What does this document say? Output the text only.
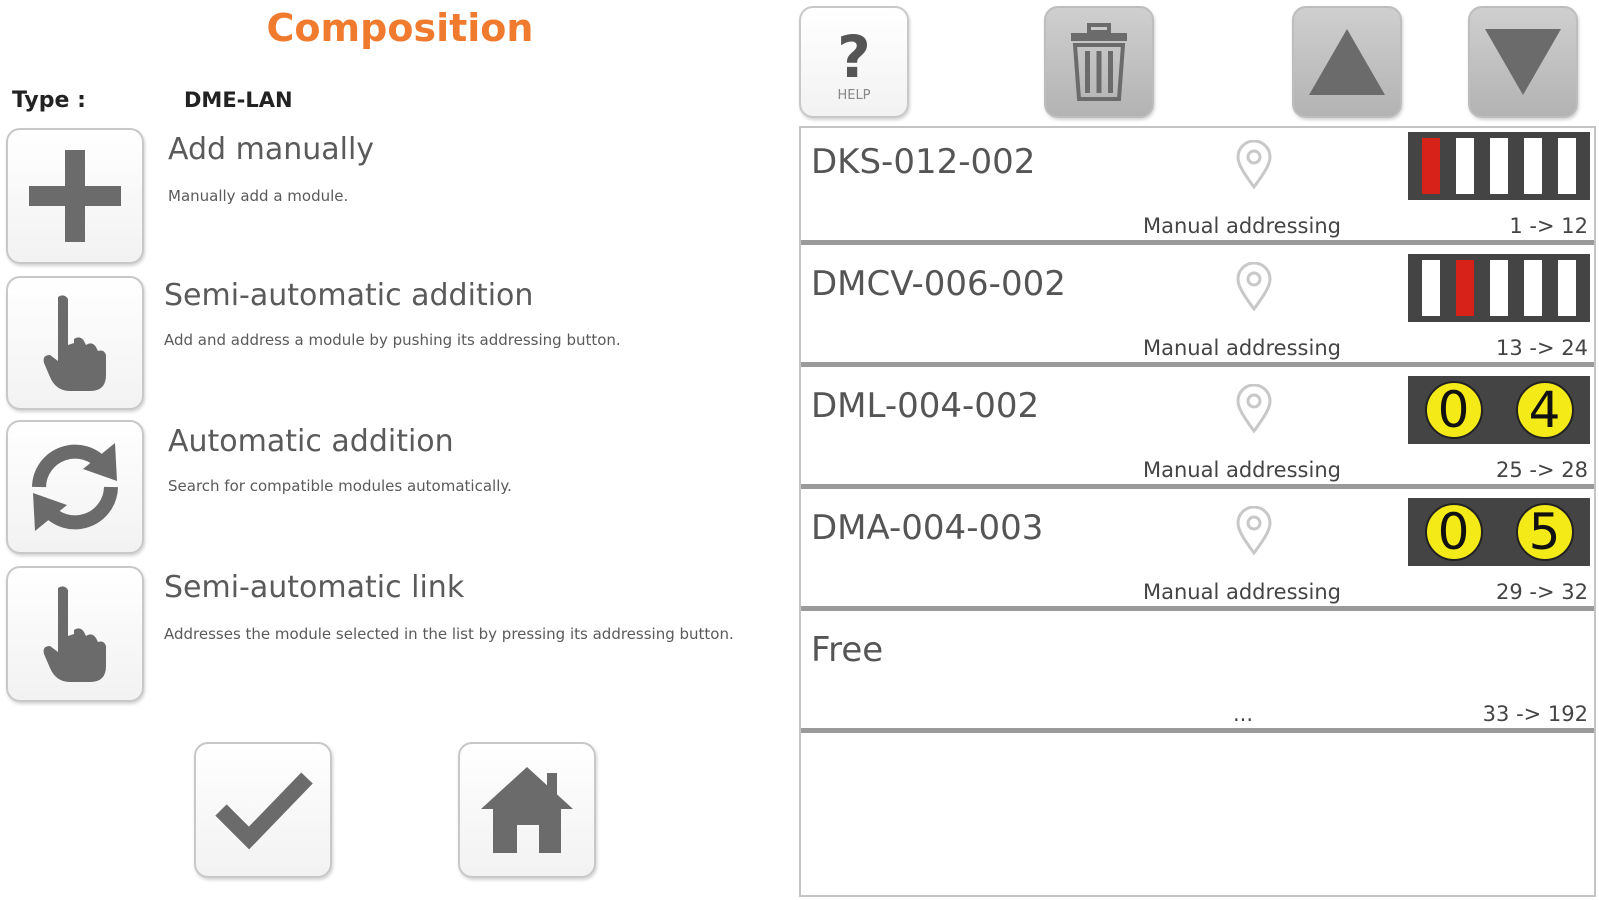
Composition
Type :	DME-LAN
Add manually
Manually add a module.
Semi-automatic addition
Add and address a module by pushing its addressing button.
Automatic addition
Search for compatible modules automatically.
Semi-automatic link
Addresses the module selected in the list by pressing its addressing button.
?
HELP
DKS-012-002
Manual addressing	1 -> 12
DMCV-006-002
Manual addressing	13 -> 24
DML-004-002
Manual addressing	25 -> 28
0 4
DMA-004-003
Manual addressing	29 -> 32
0 5
Free
...	33 -> 192
